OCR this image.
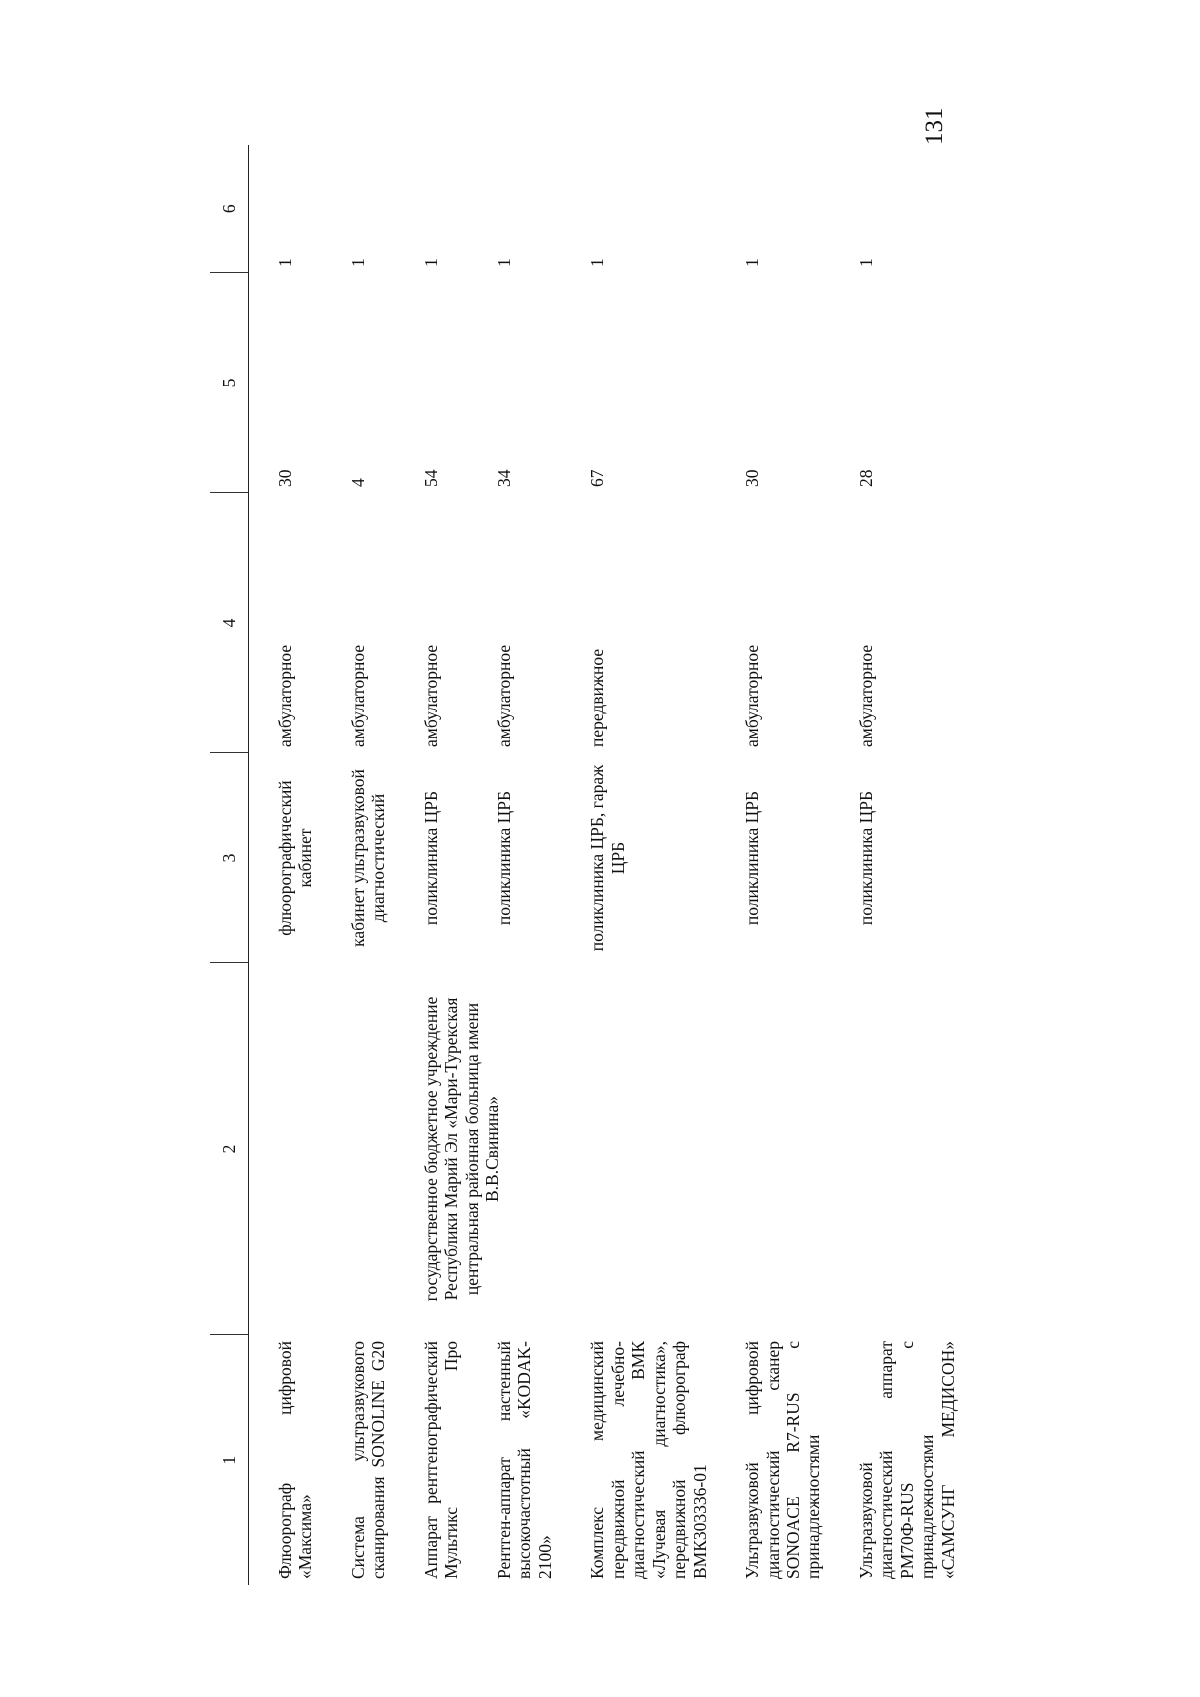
131
1	2	3	4	5	6
Флюорограф цифровой «Максима»		флюорографический кабинет	амбулаторное	30	1
Система ультразвукового сканирования SONOLINE G20		кабинет ультразвуковой диагностический	амбулаторное	4	1
Аппарат рентгенографический Мультикс Про	государственное бюджетное учреждение Республики Марий Эл «Мари-Турекская центральная районная больница имени В.В.Свинина»	поликлиника ЦРБ	амбулаторное	54	1
Рентген-аппарат настенный высокочастотный «KODAK-2100»		поликлиника ЦРБ	амбулаторное	34	1
Комплекс медицинский передвижной лечебно-диагностический ВМК «Лучевая диагностика», передвижной флюорограф ВМК303336-01		поликлиника ЦРБ, гараж ЦРБ	передвижное	67	1
Ультразвуковой цифровой диагностический сканер SONOACE R7-RUS с принадлежностями		поликлиника ЦРБ	амбулаторное	30	1
Ультразвуковой диагностический аппарат PM70Ф-RUS с принадлежностями «САМСУНГ МЕДИСОН»		поликлиника ЦРБ	амбулаторное	28	1
